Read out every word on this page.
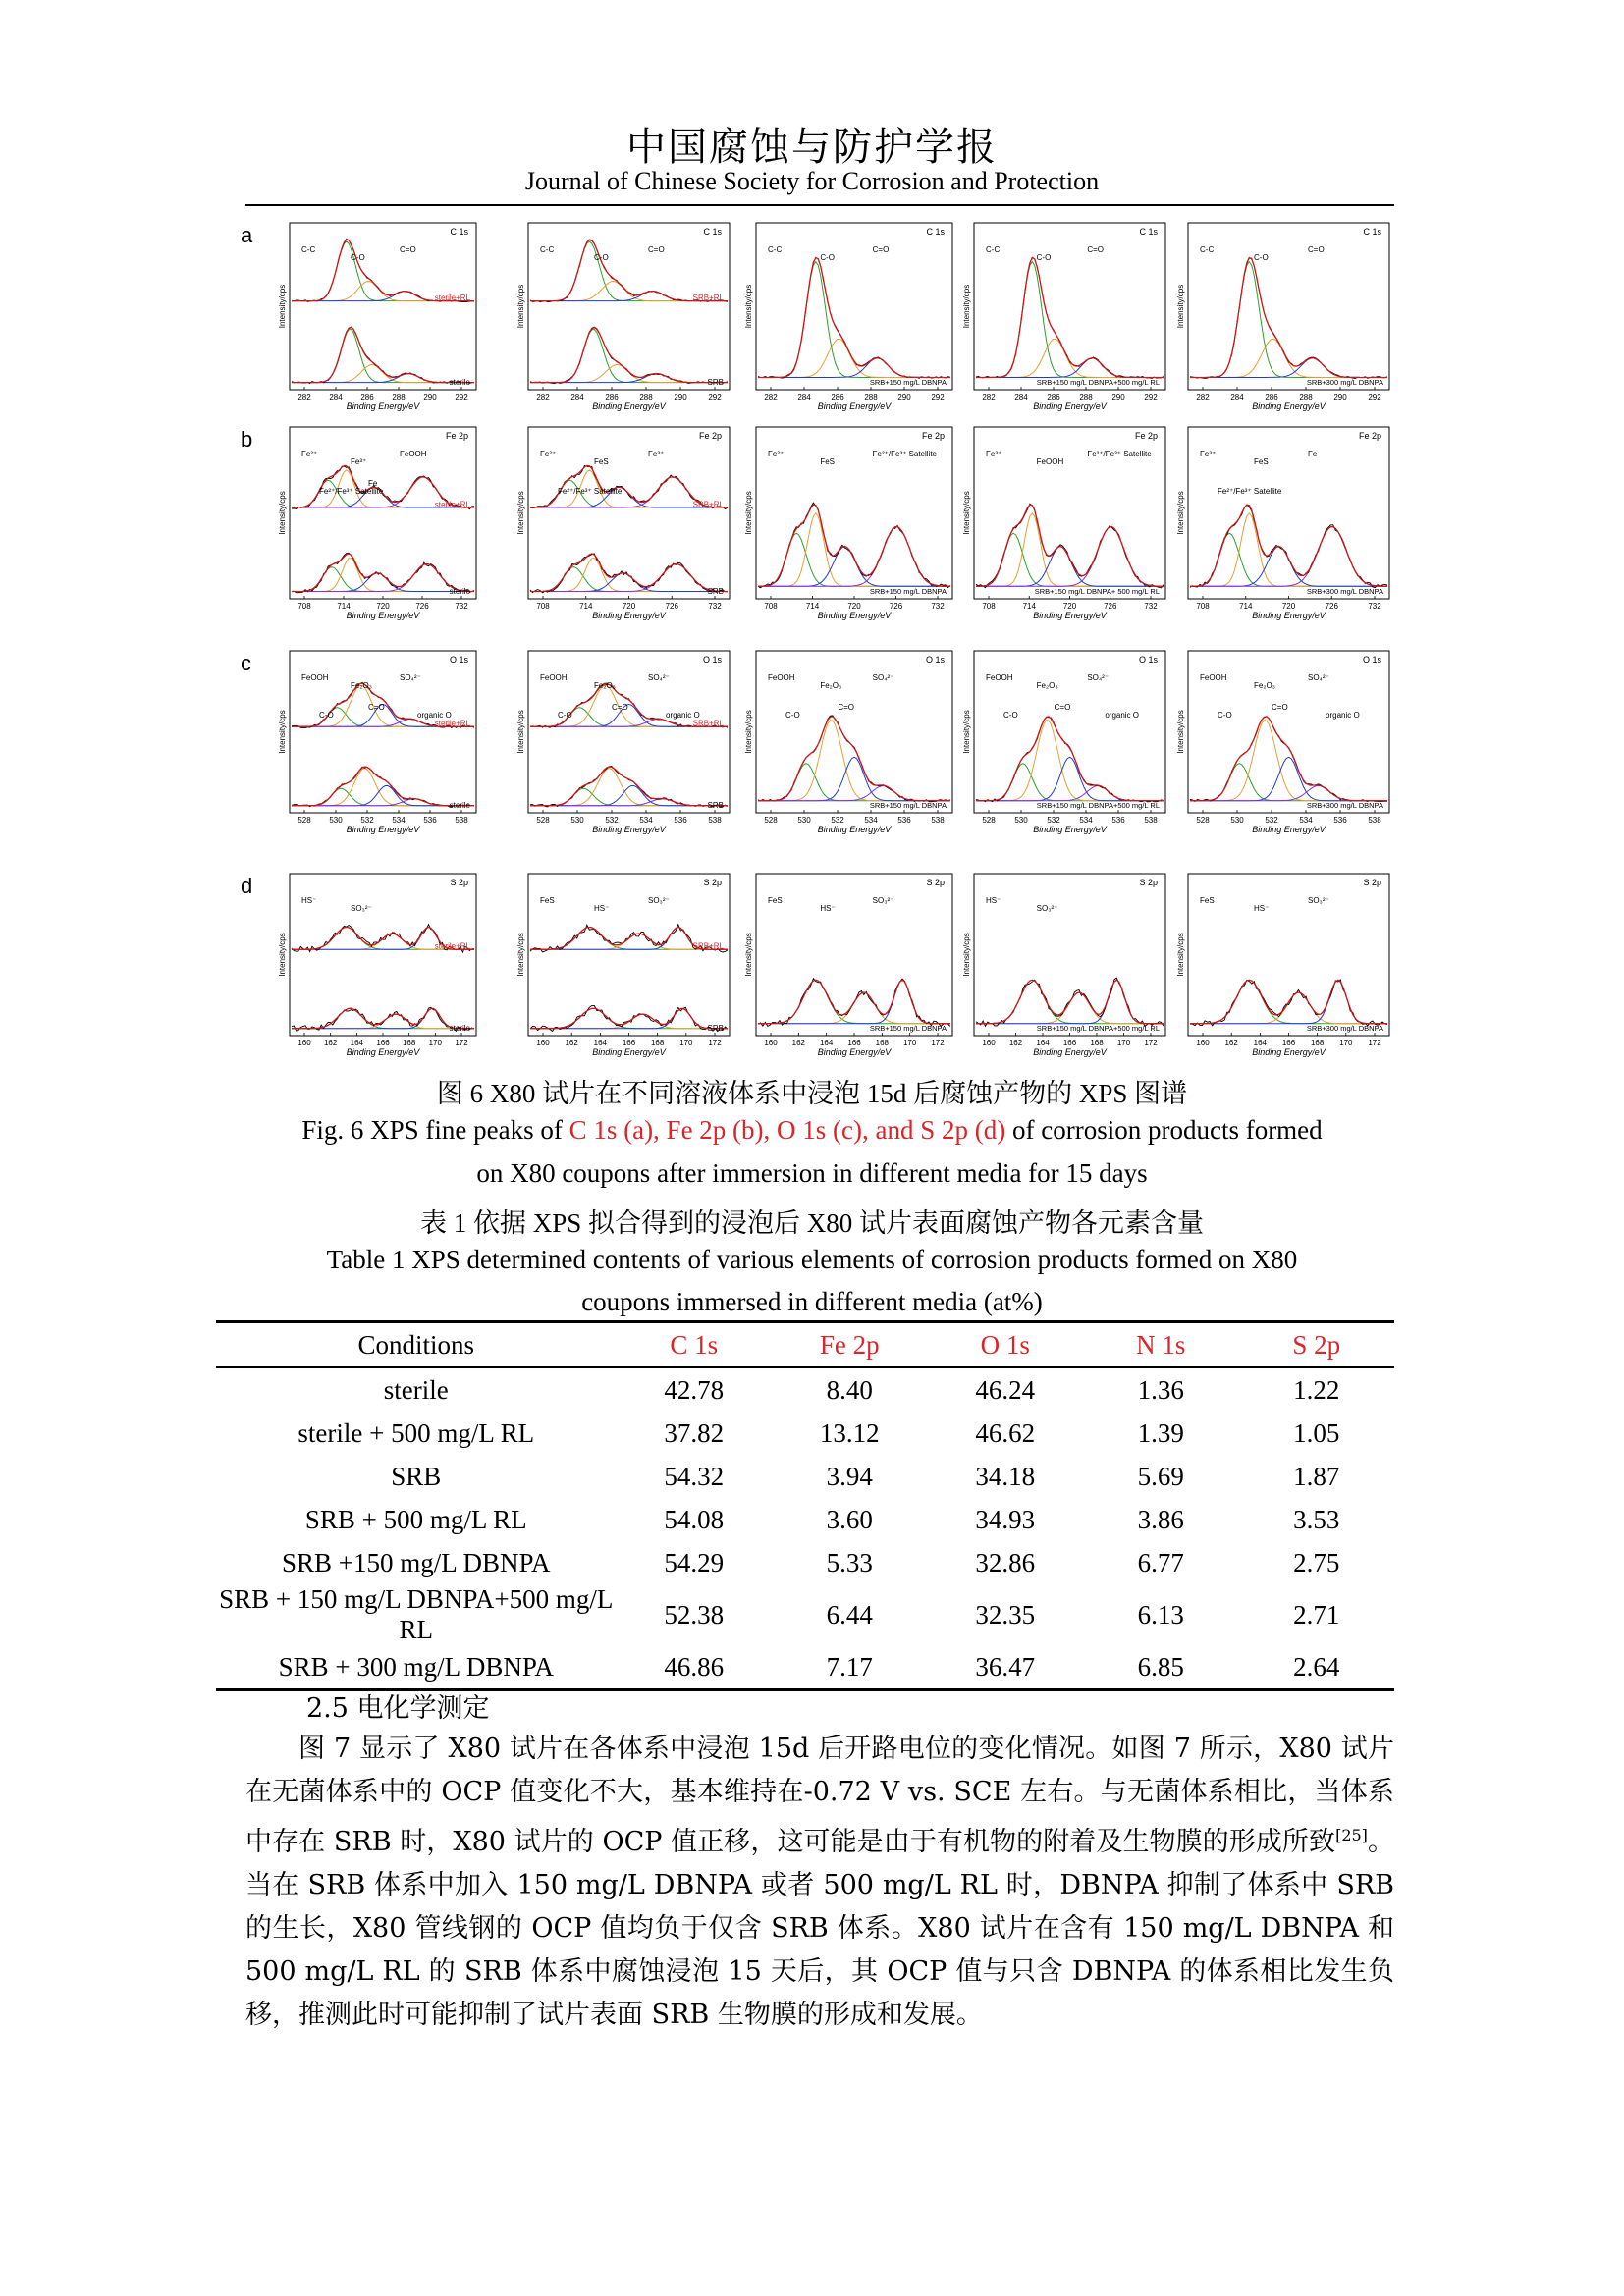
中国腐蚀与防护学报
Journal of Chinese Society for Corrosion and Protection
a	C 1s
Intensity/cps
282 284 286 288 290 292
Binding Energy/eV
sterile+RL
sterile
C-C
C-O
C=O
C 1s
Intensity/cps
282	284	286	288	290	292
Binding Energy/eV
SRB+RL
SRB
C-C
C-O
C=O
C 1s
Intensity/cps
282	284	286	288	290	292
Binding Energy/eV
SRB+150 mg/L DBNPA
C-C
C-O
C=O
C 1s
Intensity/cps
282 284 286 288 290 292
Binding Energy/eV
SRB+150 mg/L DBNPA+500 mg/L RL
C-C
C-O
C=O
C 1s
Intensity/cps
282	284	286	288	290	292
Binding Energy/eV
SRB+300 mg/L DBNPA
C-C
C-O
C=O
b	Fe 2p
Intensity/cps
708	714	720	726	732
Binding Energy/eV
sterile+RL
sterile
Fe²⁺
Fe³⁺
FeOOH
Fe²⁺/Fe³⁺ Satellite
Fe
Fe 2p
Intensity/cps
708	714	720	726	732
Binding Energy/eV
SRB+RL
SRB
Fe²⁺
FeS
Fe³⁺
Fe²⁺/Fe³⁺ Satellite
Fe 2p
Intensity/cps
708	714	720	726	732
Binding Energy/eV
SRB+150 mg/L DBNPA
Fe²⁺
FeS
Fe²⁺/Fe³⁺ Satellite
Fe 2p
Intensity/cps
708	714	720	726	732
Binding Energy/eV
SRB+150 mg/L DBNPA+ 500 mg/L RL
Fe³⁺
FeOOH
Fe²⁺/Fe³⁺ Satellite
Fe 2p
Intensity/cps
708	714	720	726	732
Binding Energy/eV
SRB+300 mg/L DBNPA
Fe³⁺
FeS
Fe
Fe²⁺/Fe³⁺ Satellite
c	O 1s
Intensity/cps
528 530 532 534 536 538
Binding Energy/eV
sterile+RL
sterile
FeOOH
Fe₂O₃
SO₄²⁻
C-O
C=O
organic O
O 1s
Intensity/cps
528	530	532	534	536	538
Binding Energy/eV
SRB+RL
SRB
FeOOH
Fe₂O₃
SO₄²⁻
C-O
C=O
organic O
O 1s
Intensity/cps
528	530	532	534	536	538
Binding Energy/eV
SRB+150 mg/L DBNPA
FeOOH
Fe₂O₃
SO₄²⁻
C-O
C=O
O 1s
Intensity/cps
528 530 532 534 536 538
Binding Energy/eV
SRB+150 mg/L DBNPA+500 mg/L RL
FeOOH
Fe₂O₃
SO₄²⁻
C-O
C=O
organic O
O 1s
Intensity/cps
528	530	532	534	536	538
Binding Energy/eV
SRB+300 mg/L DBNPA
FeOOH
Fe₂O₃
SO₄²⁻
C-O
C=O
organic O
d	S 2p
Intensity/cps
160 162 164 166 168 170 172
Binding Energy/eV
sterile+RL
sterile
HS⁻
SO₃²⁻
S 2p
Intensity/cps
160 162 164 166 168 170 172
Binding Energy/eV
SRB+RL
SRB
FeS
HS⁻
SO₃²⁻
S 2p
Intensity/cps
160 162 164 166 168 170 172
Binding Energy/eV
SRB+150 mg/L DBNPA
FeS
HS⁻
SO₃²⁻
S 2p
Intensity/cps
160 162 164 166 168 170 172
Binding Energy/eV
SRB+150 mg/L DBNPA+500 mg/L RL
HS⁻
SO₃²⁻
S 2p
Intensity/cps
160 162 164 166 168 170 172
Binding Energy/eV
SRB+300 mg/L DBNPA
FeS
HS⁻
SO₃²⁻
图 6 X80 试片在不同溶液体系中浸泡 15d 后腐蚀产物的 XPS 图谱
Fig. 6 XPS fine peaks of C 1s (a), Fe 2p (b), O 1s (c), and S 2p (d) of corrosion products formed
on X80 coupons after immersion in different media for 15 days
表 1 依据 XPS 拟合得到的浸泡后 X80 试片表面腐蚀产物各元素含量
Table 1 XPS determined contents of various elements of corrosion products formed on X80
coupons immersed in different media (at%)
Conditions	C 1s	Fe 2p	O 1s	N 1s	S 2p
sterile	42.78	8.40	46.24	1.36	1.22
sterile + 500 mg/L RL	37.82	13.12	46.62	1.39	1.05
SRB	54.32	3.94	34.18	5.69	1.87
SRB + 500 mg/L RL	54.08	3.60	34.93	3.86	3.53
SRB +150 mg/L DBNPA	54.29	5.33	32.86	6.77	2.75
SRB + 150 mg/L DBNPA+500 mg/L RL	52.38	6.44	32.35	6.13	2.71
SRB + 300 mg/L DBNPA	46.86	7.17	36.47	6.85	2.64
2.5 电化学测定
图 7 显示了 X80 试片在各体系中浸泡 15d 后开路电位的变化情况。如图 7 所示，X80 试片在无菌体系中的 OCP 值变化不大，基本维持在-0.72 V vs. SCE 左右。与无菌体系相比，当体系中存在 SRB 时，X80 试片的 OCP 值正移，这可能是由于有机物的附着及生物膜的形成所致[25]。当在 SRB 体系中加入 150 mg/L DBNPA 或者 500 mg/L RL 时，DBNPA 抑制了体系中 SRB 的生长，X80 管线钢的 OCP 值均负于仅含 SRB 体系。X80 试片在含有 150 mg/L DBNPA 和 500 mg/L RL 的 SRB 体系中腐蚀浸泡 15 天后，其 OCP 值与只含 DBNPA 的体系相比发生负移，推测此时可能抑制了试片表面 SRB 生物膜的形成和发展。
